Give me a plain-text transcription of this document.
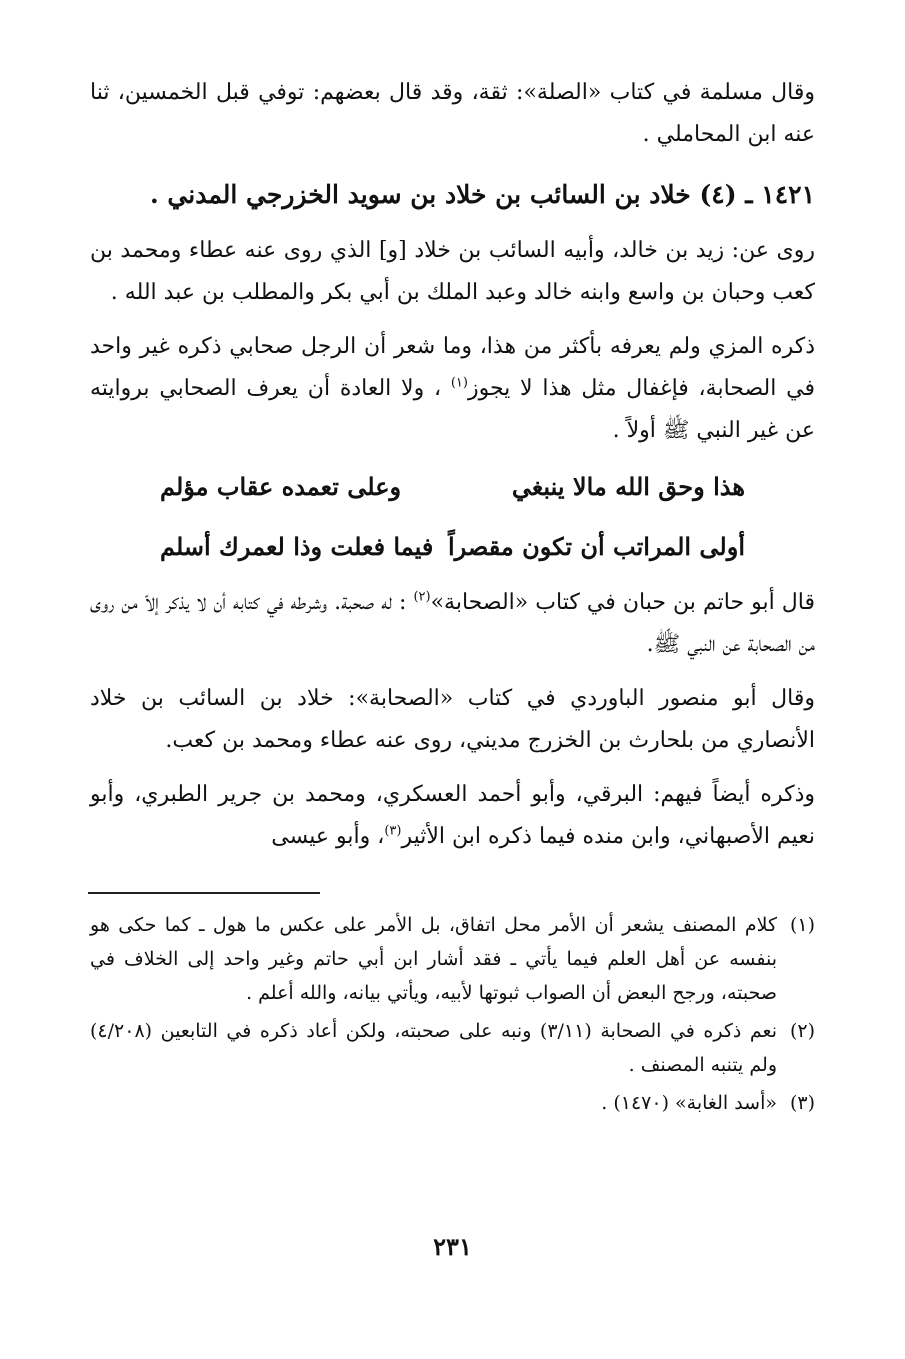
وقال مسلمة في كتاب «الصلة»: ثقة، وقد قال بعضهم: توفي قبل الخمسين، ثنا عنه ابن المحاملي .

١٤٢١ ـ (٤) خلاد بن السائب بن خلاد بن سويد الخزرجي المدني .

روى عن: زيد بن خالد، وأبيه السائب بن خلاد [و] الذي روى عنه عطاء ومحمد بن كعب وحبان بن واسع وابنه خالد وعبد الملك بن أبي بكر والمطلب بن عبد الله .

ذكره المزي ولم يعرفه بأكثر من هذا، وما شعر أن الرجل صحابي ذكره غير واحد في الصحابة، فإغفال مثل هذا لا يجوز$^{(١)}$ ، ولا العادة أن يعرف الصحابي بروايته عن غير النبي ﷺ أولاً .

هذا وحق الله مالا ينبغي
وعلى تعمده عقاب مؤلم
أولى المراتب أن تكون مقصراً
فيما فعلت وذا لعمرك أسلم

قال أبو حاتم بن حبان في كتاب «الصحابة»$^{(٢)}$ : له صحبة. وشرطه في كتابه أن لا يذكر إلاّ من روى من الصحابة عن النبي ﷺ.

وقال أبو منصور الباوردي في كتاب «الصحابة»: خلاد بن السائب بن خلاد الأنصاري من بلحارث بن الخزرج مديني، روى عنه عطاء ومحمد بن كعب.

وذكره أيضاً فيهم: البرقي، وأبو أحمد العسكري، ومحمد بن جرير الطبري، وأبو نعيم الأصبهاني، وابن منده فيما ذكره ابن الأثير$^{(٣)}$، وأبو عيسى

(١)
كلام المصنف يشعر أن الأمر محل اتفاق، بل الأمر على عكس ما هول ـ كما حكى هو بنفسه عن أهل العلم فيما يأتي ـ فقد أشار ابن أبي حاتم وغير واحد إلى الخلاف في صحبته، ورجح البعض أن الصواب ثبوتها لأبيه، ويأتي بيانه، والله أعلم .
(٢)
نعم ذكره في الصحابة (٣/١١) ونبه على صحبته، ولكن أعاد ذكره في التابعين (٤/٢٠٨) ولم يتنبه المصنف .
(٣)
«أسد الغابة» (١٤٧٠) .
٢٣١
